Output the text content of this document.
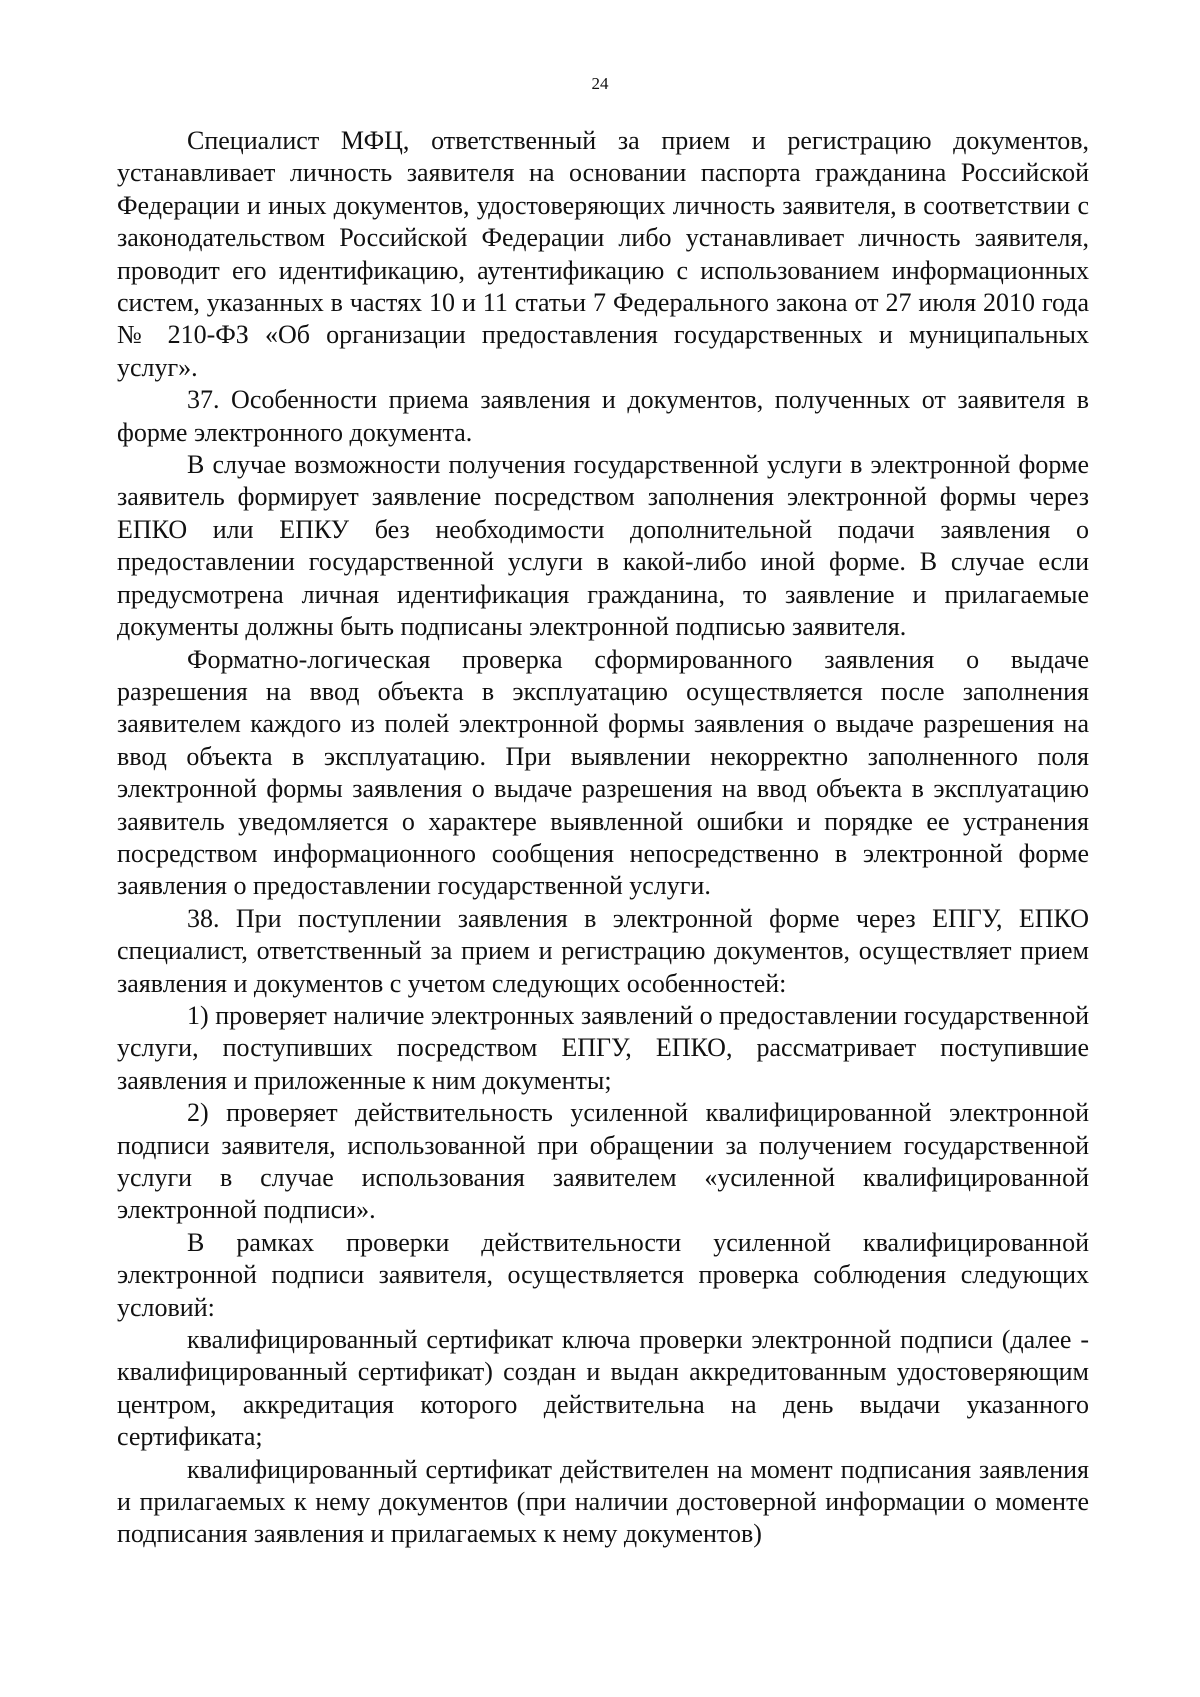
24

Специалист МФЦ, ответственный за прием и регистрацию документов, устанавливает личность заявителя на основании паспорта гражданина Российской Федерации и иных документов, удостоверяющих личность заявителя, в соответствии с законодательством Российской Федерации либо устанавливает личность заявителя, проводит его идентификацию, аутентификацию с использованием информационных систем, указанных в частях 10 и 11 статьи 7 Федерального закона от 27 июля 2010 года № 210-ФЗ «Об организации предоставления государственных и муниципальных услуг».

37. Особенности приема заявления и документов, полученных от заявителя в форме электронного документа.

В случае возможности получения государственной услуги в электронной форме заявитель формирует заявление посредством заполнения электронной формы через ЕПКО или ЕПКУ без необходимости дополнительной подачи заявления о предоставлении государственной услуги в какой-либо иной форме. В случае если предусмотрена личная идентификация гражданина, то заявление и прилагаемые документы должны быть подписаны электронной подписью заявителя.

Форматно-логическая проверка сформированного заявления о выдаче разрешения на ввод объекта в эксплуатацию осуществляется после заполнения заявителем каждого из полей электронной формы заявления о выдаче разрешения на ввод объекта в эксплуатацию. При выявлении некорректно заполненного поля электронной формы заявления о выдаче разрешения на ввод объекта в эксплуатацию заявитель уведомляется о характере выявленной ошибки и порядке ее устранения посредством информационного сообщения непосредственно в электронной форме заявления о предоставлении государственной услуги.

38. При поступлении заявления в электронной форме через ЕПГУ, ЕПКО специалист, ответственный за прием и регистрацию документов, осуществляет прием заявления и документов с учетом следующих особенностей:

1) проверяет наличие электронных заявлений о предоставлении государственной услуги, поступивших посредством ЕПГУ, ЕПКО, рассматривает поступившие заявления и приложенные к ним документы;

2) проверяет действительность усиленной квалифицированной электронной подписи заявителя, использованной при обращении за получением государственной услуги в случае использования заявителем «усиленной квалифицированной электронной подписи».

В рамках проверки действительности усиленной квалифицированной электронной подписи заявителя, осуществляется проверка соблюдения следующих условий:

квалифицированный сертификат ключа проверки электронной подписи (далее - квалифицированный сертификат) создан и выдан аккредитованным удостоверяющим центром, аккредитация которого действительна на день выдачи указанного сертификата;

квалифицированный сертификат действителен на момент подписания заявления и прилагаемых к нему документов (при наличии достоверной информации о моменте подписания заявления и прилагаемых к нему документов)
